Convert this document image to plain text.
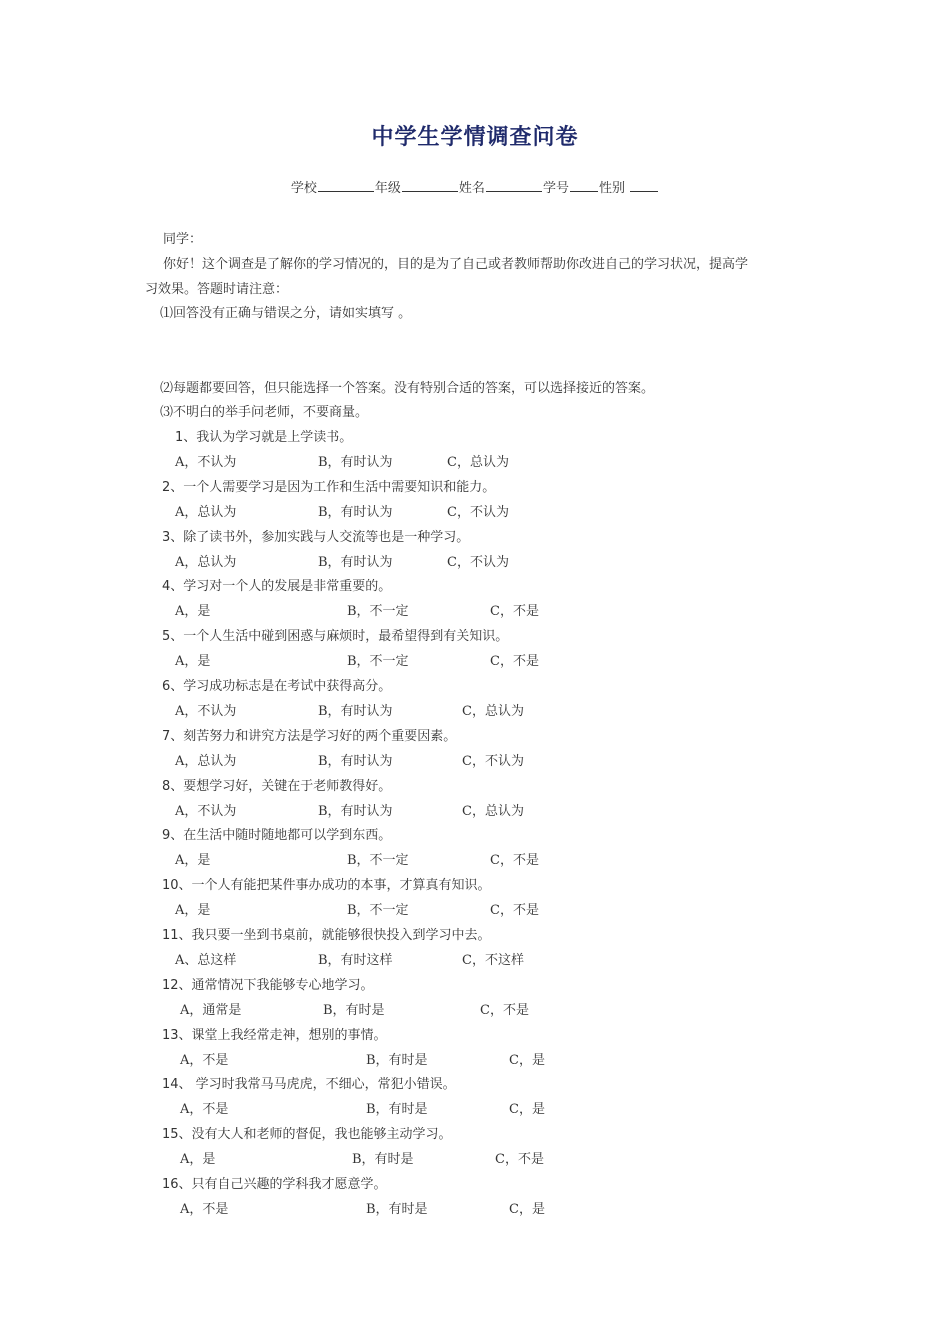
中学生学情调查问卷
学校	年级	姓名	学号 性别
同学：
你好！这个调查是了解你的学习情况的，目的是为了自己或者教师帮助你改进自己的学习状况，提高学
习效果。答题时请注意：
⑴回答没有正确与错误之分，请如实填写 。
⑵每题都要回答，但只能选择一个答案。没有特别合适的答案，可以选择接近的答案。
⑶不明白的举手问老师，不要商量。
1、我认为学习就是上学读书。
A，不认为	B，有时认为	C，总认为
2、一个人需要学习是因为工作和生活中需要知识和能力。
A，总认为	B，有时认为	C，不认为
3、除了读书外，参加实践与人交流等也是一种学习。
A，总认为	B，有时认为	C，不认为
4、学习对一个人的发展是非常重要的。
A，是	B，不一定	C，不是
5、一个人生活中碰到困惑与麻烦时，最希望得到有关知识。
A，是	B，不一定	C，不是
6、学习成功标志是在考试中获得高分。
A，不认为	B，有时认为	C，总认为
7、刻苦努力和讲究方法是学习好的两个重要因素。
A，总认为	B，有时认为	C，不认为
8、要想学习好，关键在于老师教得好。
A，不认为	B，有时认为	C，总认为
9、在生活中随时随地都可以学到东西。
A，是	B，不一定	C，不是
10、一个人有能把某件事办成功的本事，才算真有知识。
A，是	B，不一定	C，不是
11、我只要一坐到书桌前，就能够很快投入到学习中去。
A、总这样	B，有时这样	C，不这样
12、通常情况下我能够专心地学习。
A，通常是	B，有时是	C，不是
13、课堂上我经常走神，想别的事情。
A，不是	B，有时是	C，是
14、 学习时我常马马虎虎，不细心，常犯小错误。
A，不是	B，有时是	C，是
15、没有大人和老师的督促，我也能够主动学习。
A，是	B，有时是	C，不是
16、只有自己兴趣的学科我才愿意学。
A，不是	B，有时是	C，是
